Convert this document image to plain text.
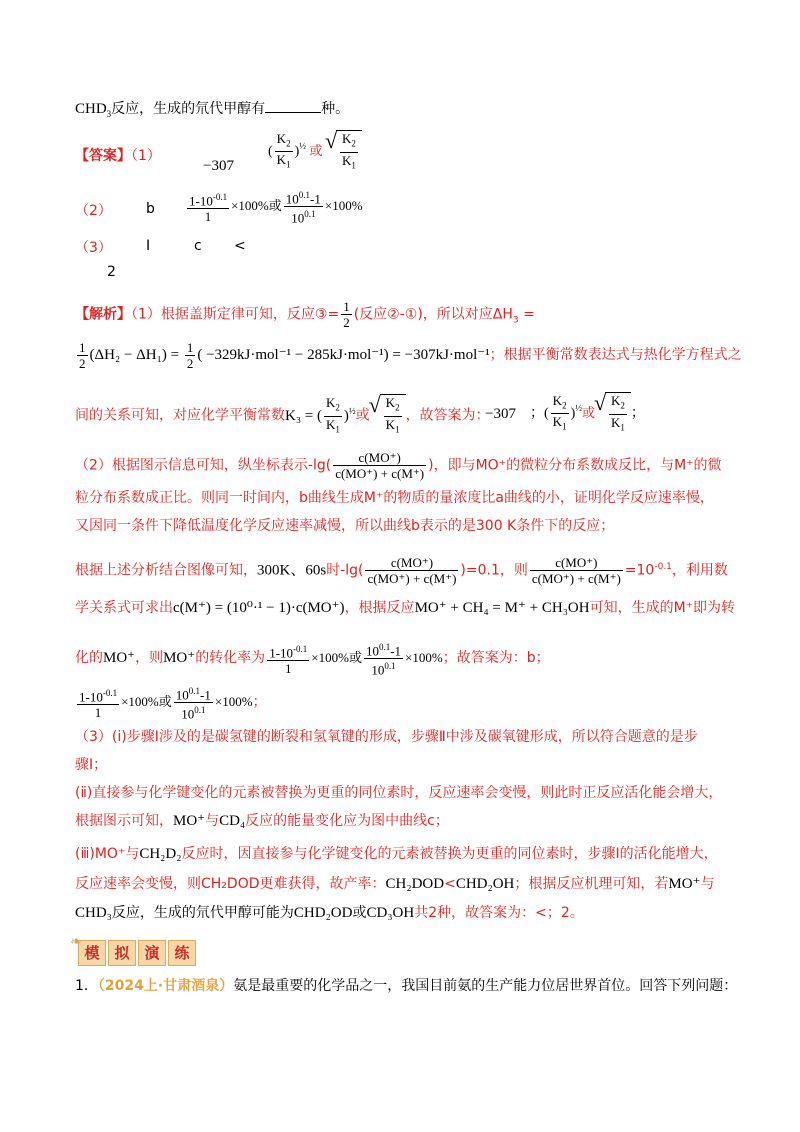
$CHD_3$反应，生成的氘代甲醇有	种。
【答案】（1）
−307
( $\frac{K_2}{K_1} )^{\frac{1}{2}}$ 或 √ $\frac{K_2}{K_1}$
（2）	b $\frac{1-10^{-0.1}}{1} \times 100\%$或 $\frac{10^{0.1}-1}{10^{0.1}} \times 100\%$
（3）	Ⅰ	c <
2
【解析】（1）根据盖斯定律可知，反应③= $\frac{1}{2}$ (反应②-①)，所以对应$\Delta H_3$ =
$\frac{1}{2} (\Delta H_2 - \Delta H_1) = \frac{1}{2}$ ( −329kJ·mol⁻¹ − 285kJ·mol⁻¹) = −307kJ·mol⁻¹；根据平衡常数表达式与热化学方程式之
间的关系可知，对应化学平衡常数K₃ = ( $\frac{K_2}{K_1} )^{\frac{1}{2}}$或 √ $\frac{K_2}{K_1}$ ，故答案为：
−307 ；( $\frac{K_2}{K_1} )^{\frac{1}{2}}$或 √ $\frac{K_2}{K_1}$ ；
（2）根据图示信息可知，纵坐标表示$-\lg( \frac{c(MO^+)}{c(MO^+) + c(M^+)}$ )，即与MO⁺的微粒分布系数成反比，与M⁺的微
粒分布系数成正比。则同一时间内，b曲线生成M⁺的物质的量浓度比a曲线的小，证明化学反应速率慢，
又因同一条件下降低温度化学反应速率减慢，所以曲线b表示的是300 K条件下的反应；
根据上述分析结合图像可知，300K、60s时$-\lg( \frac{c(MO^+)}{c(MO^+) + c(M^+)} )=0.1$，则 $\frac{c(MO^+)}{c(MO^+) + c(M^+)} =10^{-0.1}$，利用数
学关系式可求出c(M⁺) = (10⁰·¹ − 1)·c(MO⁺)，根据反应MO⁺ + CH₄ = M⁺ + CH₃OH可知，生成的M⁺即为转
化的MO⁺，则MO⁺的转化率为 $\frac{1-10^{-0.1}}{1} \times 100\%$或 $\frac{10^{0.1}-1}{10^{0.1}} \times 100\%$；故答案为：b；
$\frac{1-10^{-0.1}}{1} \times 100\%$或 $\frac{10^{0.1}-1}{10^{0.1}} \times 100\%$；
（3）(ⅰ)步骤Ⅰ涉及的是碳氢键的断裂和氢氧键的形成，步骤Ⅱ中涉及碳氧键形成，所以符合题意的是步
骤Ⅰ；
(ⅱ)直接参与化学键变化的元素被替换为更重的同位素时，反应速率会变慢，则此时正反应活化能会增大，
根据图示可知，MO⁺与CD₄反应的能量变化应为图中曲线c；
(ⅲ)MO⁺与CH₂D₂反应时，因直接参与化学键变化的元素被替换为更重的同位素时，步骤Ⅰ的活化能增大，
反应速率会变慢，则CH₂DOD更难获得，故产率：CH₂DOD<CHD₂OH；根据反应机理可知，若MO⁺与
CHD₃反应，生成的氘代甲醇可能为CHD₂OD或CD₃OH共2种，故答案为：<；2。
❧
模 拟 演 练
1．（2024上·甘肃酒泉）氨是最重要的化学品之一，我国目前氨的生产能力位居世界首位。回答下列问题：
